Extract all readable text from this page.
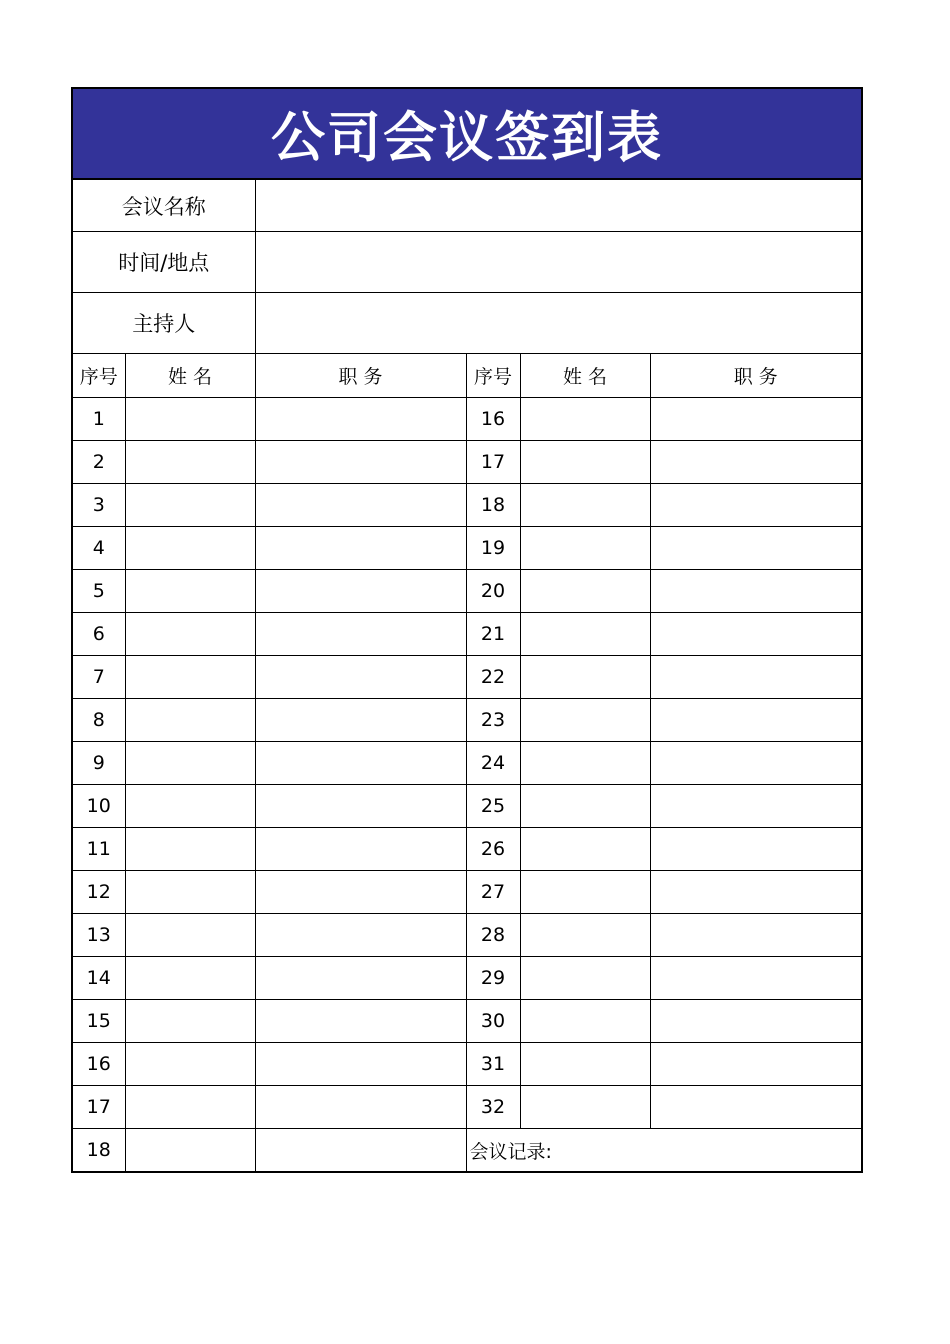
公司会议签到表					
会议名称					
时间/地点					
主持人					
序号	姓 名	职 务	序号	姓 名	职 务
1			16		
2			17		
3			18		
4			19		
5			20		
6			21		
7			22		
8			23		
9			24		
10			25		
11			26		
12			27		
13			28		
14			29		
15			30		
16			31		
17			32		
18			会议记录:		
